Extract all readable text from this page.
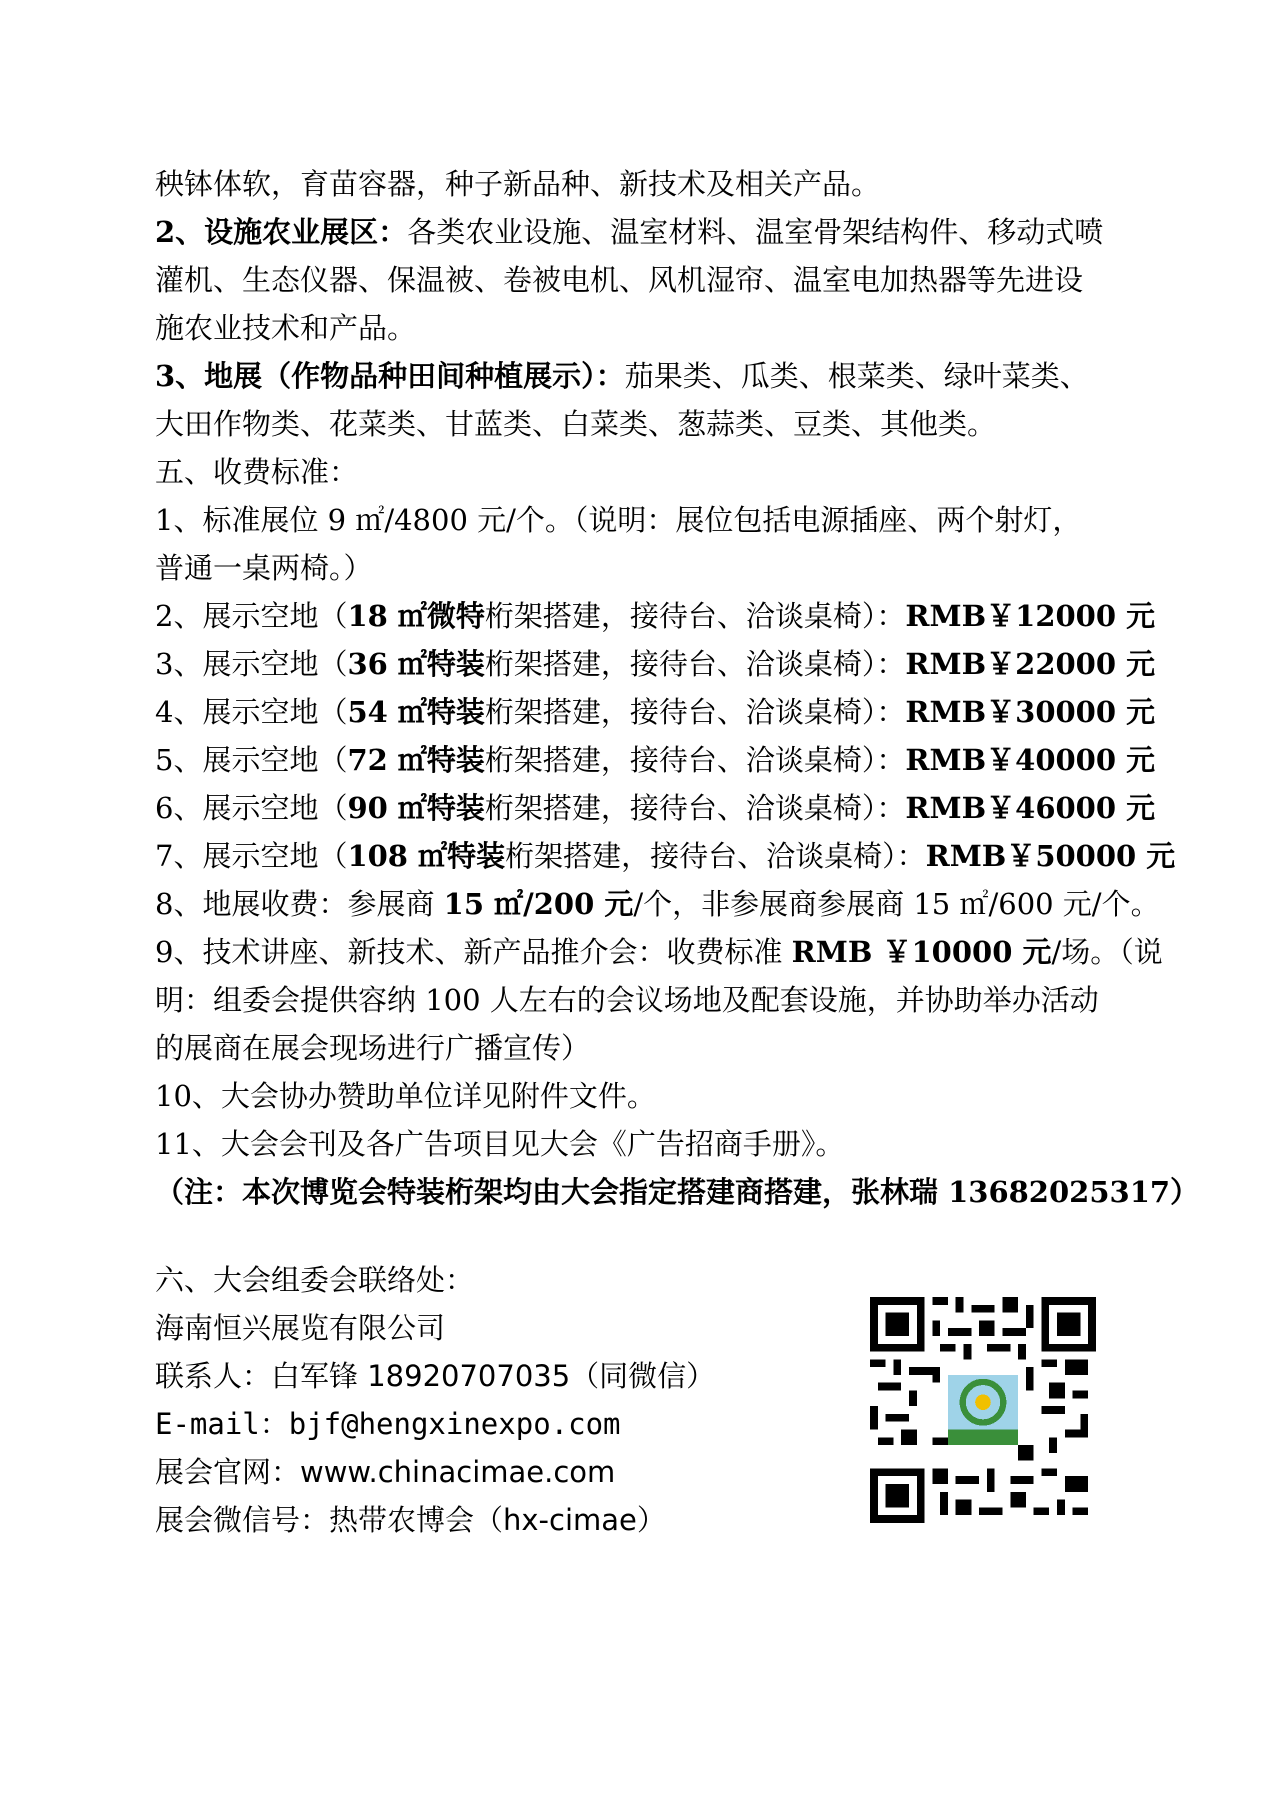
秧钵体软，育苗容器，种子新品种、新技术及相关产品。
2、设施农业展区：各类农业设施、温室材料、温室骨架结构件、移动式喷
灌机、生态仪器、保温被、卷被电机、风机湿帘、温室电加热器等先进设
施农业技术和产品。
3、地展（作物品种田间种植展示）：茄果类、瓜类、根菜类、绿叶菜类、
大田作物类、花菜类、甘蓝类、白菜类、葱蒜类、豆类、其他类。
五、收费标准：
1、标准展位 9 ㎡/4800 元/个。（说明：展位包括电源插座、两个射灯，
普通一桌两椅。）
2、展示空地（18 ㎡微特桁架搭建，接待台、洽谈桌椅）：RMB￥12000 元
3、展示空地（36 ㎡特装桁架搭建，接待台、洽谈桌椅）：RMB￥22000 元
4、展示空地（54 ㎡特装桁架搭建，接待台、洽谈桌椅）：RMB￥30000 元
5、展示空地（72 ㎡特装桁架搭建，接待台、洽谈桌椅）：RMB￥40000 元
6、展示空地（90 ㎡特装桁架搭建，接待台、洽谈桌椅）：RMB￥46000 元
7、展示空地（108 ㎡特装桁架搭建，接待台、洽谈桌椅）：RMB￥50000 元
8、地展收费：参展商 15 ㎡/200 元/个，非参展商参展商 15 ㎡/600 元/个。
9、技术讲座、新技术、新产品推介会：收费标准 RMB ￥10000 元/场。（说
明：组委会提供容纳 100 人左右的会议场地及配套设施，并协助举办活动
的展商在展会现场进行广播宣传）
10、大会协办赞助单位详见附件文件。
11、大会会刊及各广告项目见大会《广告招商手册》。
（注：本次博览会特装桁架均由大会指定搭建商搭建，张林瑞 13682025317）
六、大会组委会联络处：
海南恒兴展览有限公司
联系人：白军锋 18920707035（同微信）
E-mail：bjf@hengxinexpo.com
展会官网：www.chinacimae.com
展会微信号：热带农博会（hx-cimae）
